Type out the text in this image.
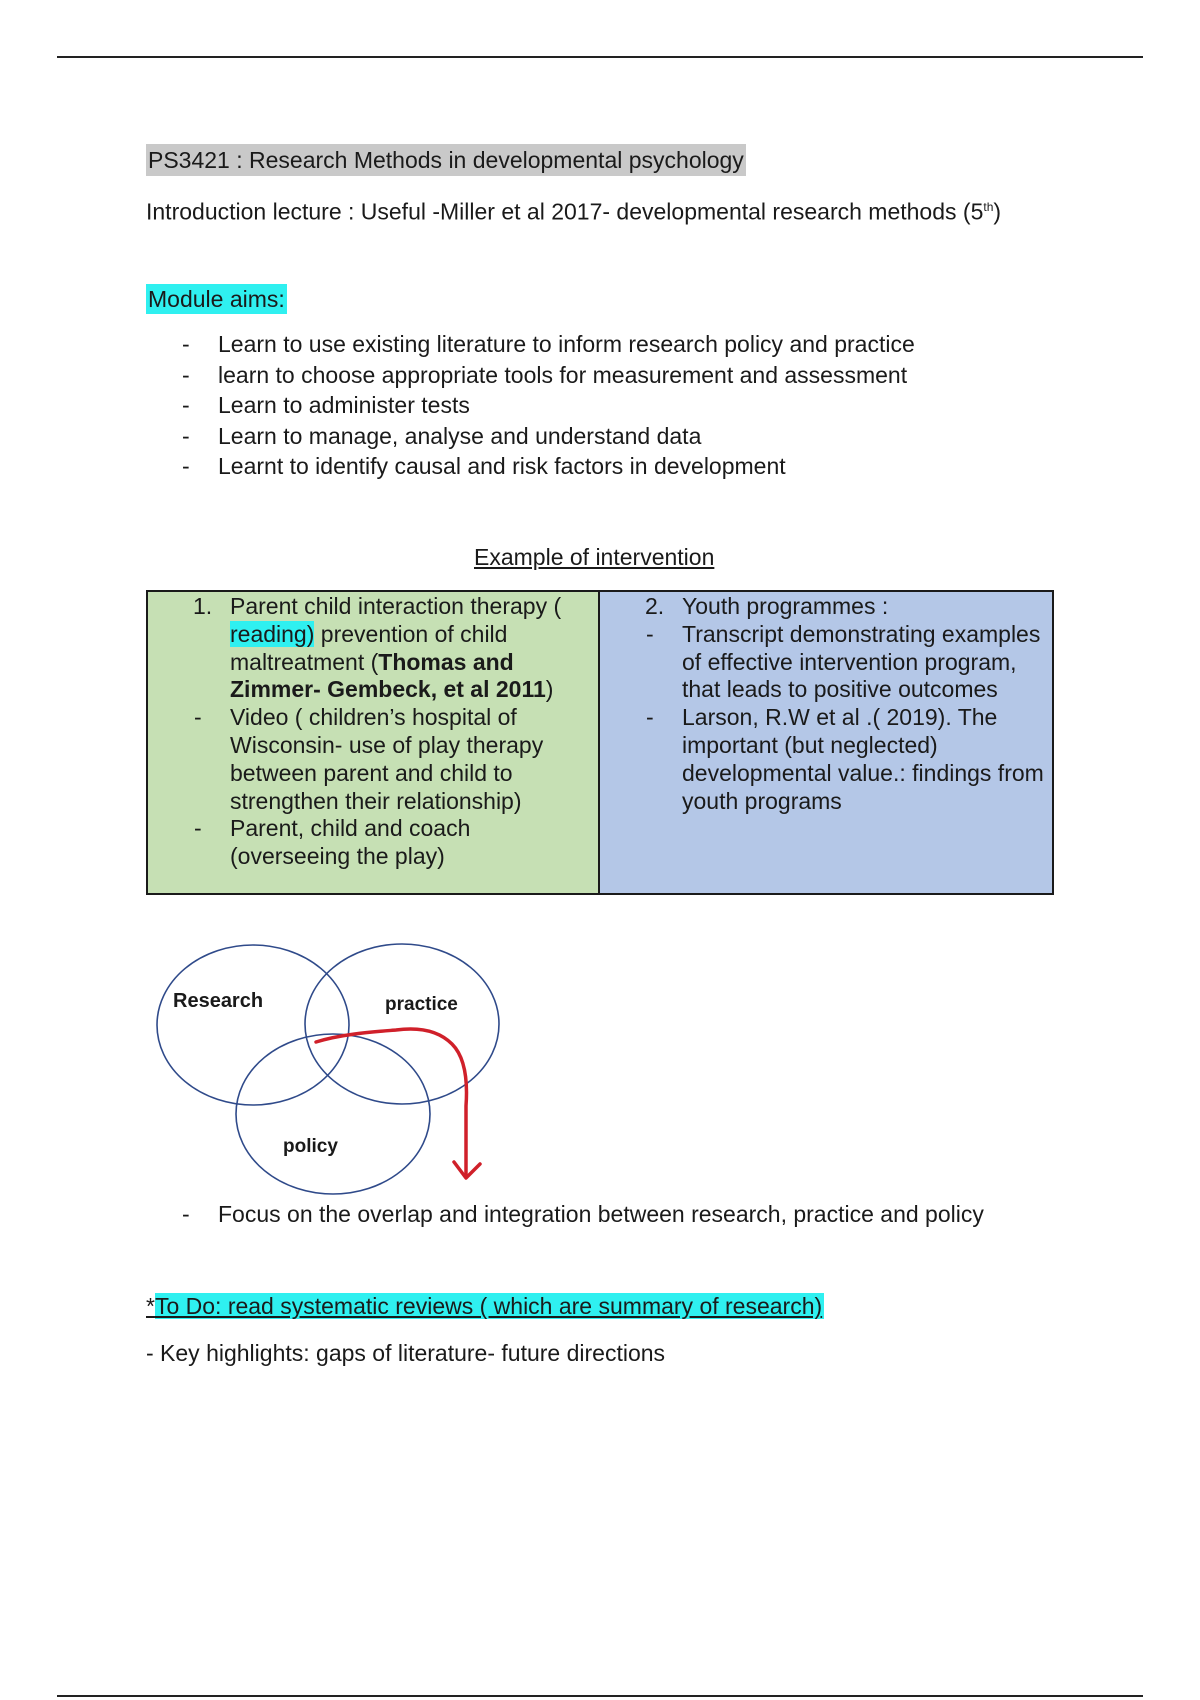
PS3421 : Research Methods in developmental psychology
Introduction lecture : Useful -Miller et al 2017- developmental research methods (5th)
Module aims:
- Learn to use existing literature to inform research policy and practice
- learn to choose appropriate tools for measurement and assessment
- Learn to administer tests
- Learn to manage, analyse and understand data
- Learnt to identify causal and risk factors in development
Example of intervention
1. Parent child interaction therapy ( reading) prevention of child maltreatment (Thomas and Zimmer- Gembeck, et al 2011)
- Video ( children’s hospital of Wisconsin- use of play therapy between parent and child to strengthen their relationship)
- Parent, child and coach (overseeing the play)
2. Youth programmes :
- Transcript demonstrating examples of effective intervention program, that leads to positive outcomes
- Larson, R.W et al .( 2019). The important (but neglected) developmental value.: findings from youth programs
Research	practice
policy
- Focus on the overlap and integration between research, practice and policy
*To Do: read systematic reviews ( which are summary of research)
- Key highlights: gaps of literature- future directions
